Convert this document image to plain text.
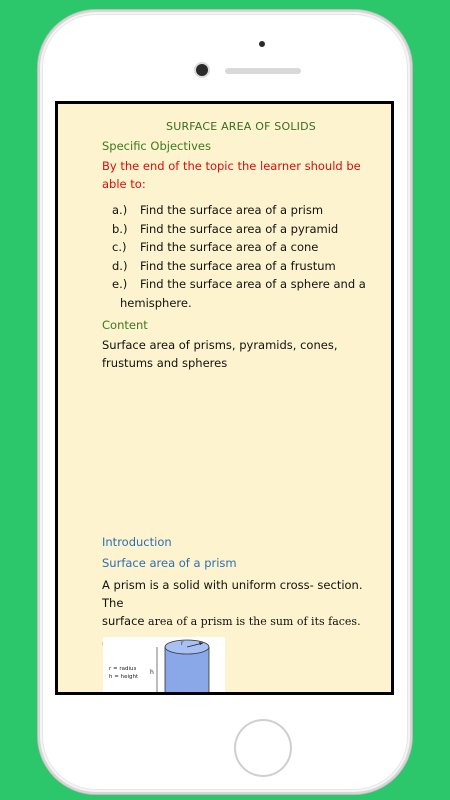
SURFACE AREA OF SOLIDS
Specific Objectives
By the end of the topic the learner should be able to:
a.)	Find the surface area of a prism
b.)	Find the surface area of a pyramid
c.)	Find the surface area of a cone
d.)	Find the surface area of a frustum
e.)	Find the surface area of a sphere and a
hemisphere.
Content
Surface area of prisms, pyramids, cones, frustums and spheres
Introduction
Surface area of a prism
A prism is a solid with uniform cross- section. The
surface area of a prism is the sum of its faces.
r
h
r = radius
h = height
